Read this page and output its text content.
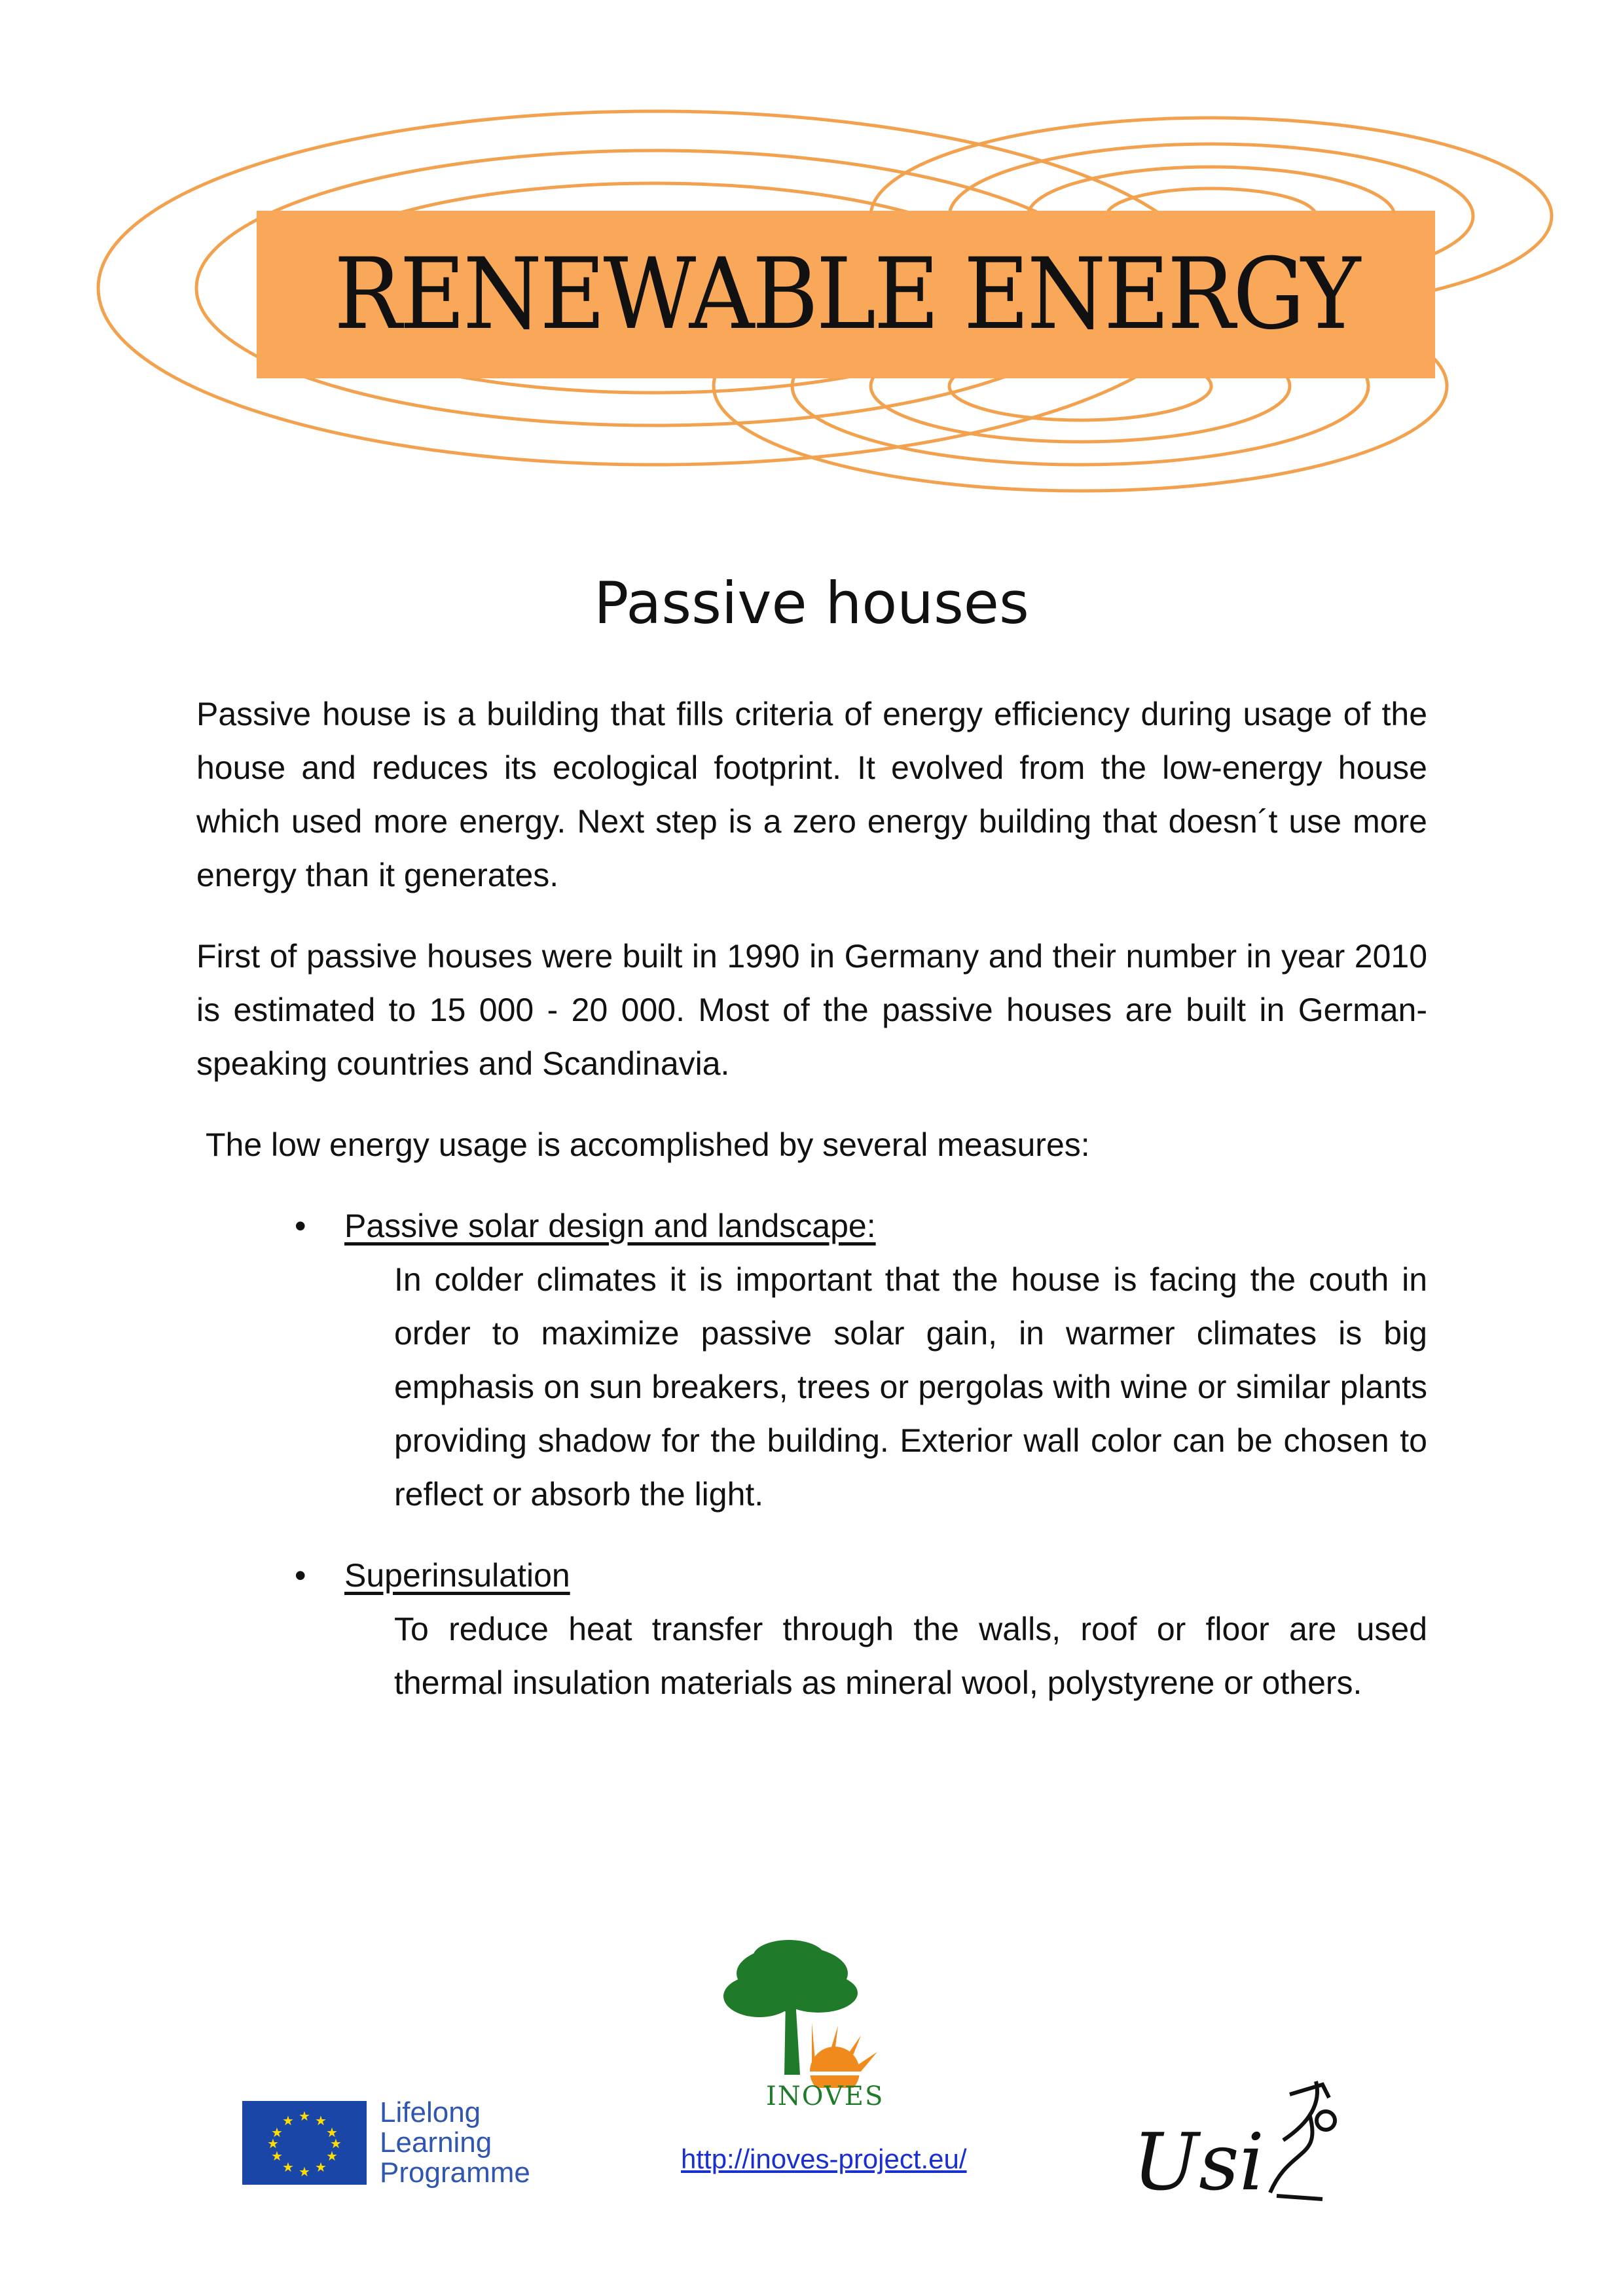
RENEWABLE ENERGY
Passive houses

Passive house is a building that fills criteria of energy efficiency during usage of the house and reduces its ecological footprint. It evolved from the low-energy house which used more energy. Next step is a zero energy building that doesn´t use more energy than it generates.

First of passive houses were built in 1990 in Germany and their number in year 2010 is estimated to 15 000 - 20 000. Most of the passive houses are built in German-speaking countries and Scandinavia.

The low energy usage is accomplished by several measures:

• Passive solar design and landscape:
In colder climates it is important that the house is facing the couth in order to maximize passive solar gain, in warmer climates is big emphasis on sun breakers, trees or pergolas with wine or similar plants providing shadow for the building. Exterior wall color can be chosen to reflect or absorb the light.
• Superinsulation
To reduce heat transfer through the walls, roof or floor are used thermal insulation materials as mineral wool, polystyrene or others.
★ ★
★
★
★
★
★
★
★
★
★
★	Lifelong
Learning
Programme
INOVES
http://inoves-project.eu/ Usi
